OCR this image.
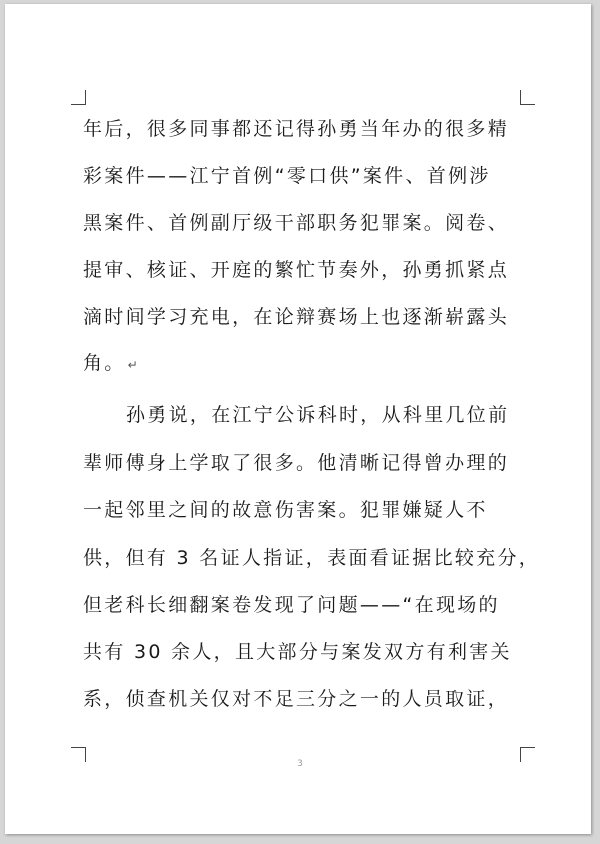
年后，很多同事都还记得孙勇当年办的很多精
彩案件——江宁首例“零口供”案件、首例涉
黑案件、首例副厅级干部职务犯罪案。阅卷、
提审、核证、开庭的繁忙节奏外，孙勇抓紧点
滴时间学习充电，在论辩赛场上也逐渐崭露头
角。 ↵
孙勇说，在江宁公诉科时，从科里几位前
辈师傅身上学取了很多。他清晰记得曾办理的
一起邻里之间的故意伤害案。犯罪嫌疑人不
供，但有 3 名证人指证，表面看证据比较充分，
但老科长细翻案卷发现了问题——“在现场的
共有 30 余人，且大部分与案发双方有利害关
系，侦查机关仅对不足三分之一的人员取证，
3
